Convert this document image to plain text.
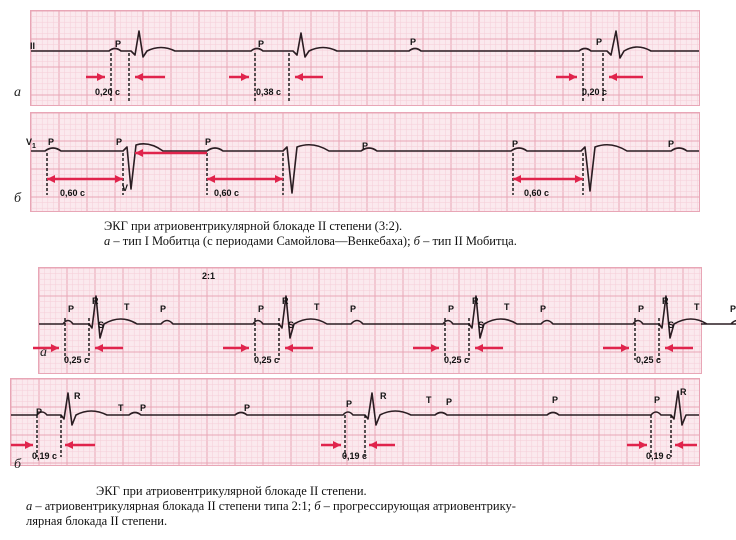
II
а
P	P	P	P
0,20 с	0,38 с	0,20 с
$V_1$
б
P	P	P	P	P	P
V
0,60 с	0,60 с	0,60 с
ЭКГ при атриовентрикулярной блокаде II степени (3:2).
а – тип I Мобитца (с периодами Самойлова—Венкебаха); б – тип II Мобитца.
2:1
а
P
R
S
T	P	P
R
S
T	P	P
R
S
T	P	P
R
S
T	P
0,25 с	0,25 с	0,25 с	0,25 с
б
P
R
T P	P	P
R	T P	P	P
R
0,19 с	0,19 с	0,19 с
ЭКГ при атриовентрикулярной блокаде II степени.
а – атриовентрикулярная блокада II степени типа 2:1; б – прогрессирующая атриовентрику-
лярная блокада II степени.
